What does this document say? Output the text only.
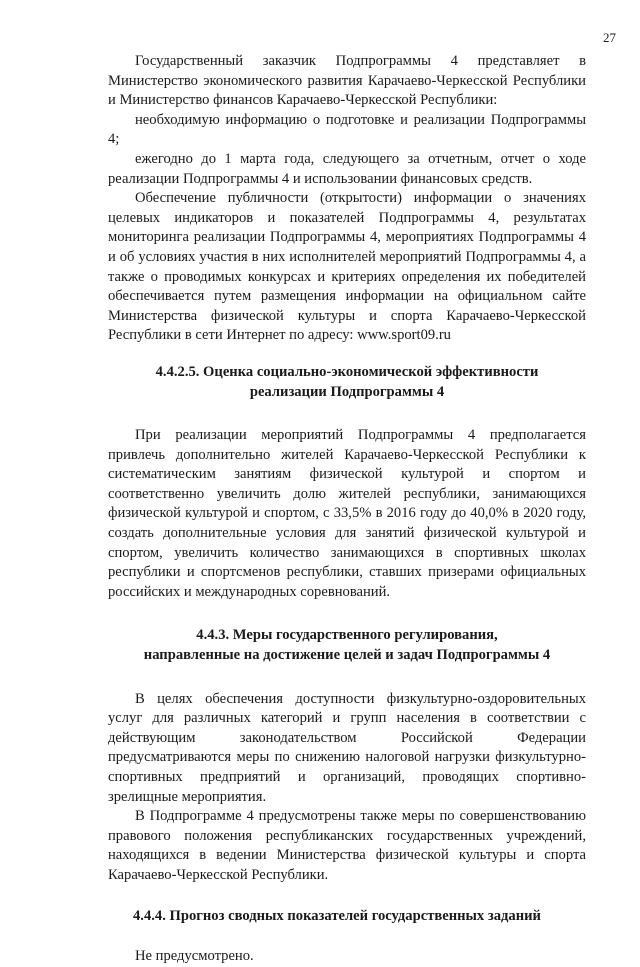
27

Государственный заказчик Подпрограммы 4 представляет в Министерство экономического развития Карачаево-Черкесской Республики и Министерство финансов Карачаево-Черкесской Республики:

необходимую информацию о подготовке и реализации Подпрограммы 4;

ежегодно до 1 марта года, следующего за отчетным, отчет о ходе реализации Подпрограммы 4 и использовании финансовых средств.

Обеспечение публичности (открытости) информации о значениях целевых индикаторов и показателей Подпрограммы 4, результатах мониторинга реализации Подпрограммы 4, мероприятиях Подпрограммы 4 и об условиях участия в них исполнителей мероприятий Подпрограммы 4, а также о проводимых конкурсах и критериях определения их победителей обеспечивается путем размещения информации на официальном сайте Министерства физической культуры и спорта Карачаево-Черкесской Республики в сети Интернет по адресу: www.sport09.ru

4.4.2.5. Оценка социально-экономической эффективности
реализации Подпрограммы 4

При реализации мероприятий Подпрограммы 4 предполагается привлечь дополнительно жителей Карачаево-Черкесской Республики к систематическим занятиям физической культурой и спортом и соответственно увеличить долю жителей республики, занимающихся физической культурой и спортом, с 33,5% в 2016 году до 40,0% в 2020 году, создать дополнительные условия для занятий физической культурой и спортом, увеличить количество занимающихся в спортивных школах республики и спортсменов республики, ставших призерами официальных российских и международных соревнований.

4.4.3. Меры государственного регулирования,
направленные на достижение целей и задач Подпрограммы 4

В целях обеспечения доступности физкультурно-оздоровительных услуг для различных категорий и групп населения в соответствии с действующим законодательством Российской Федерации предусматриваются меры по снижению налоговой нагрузки физкультурно-спортивных предприятий и организаций, проводящих спортивно-зрелищные мероприятия.

В Подпрограмме 4 предусмотрены также меры по совершенствованию правового положения республиканских государственных учреждений, находящихся в ведении Министерства физической культуры и спорта Карачаево-Черкесской Республики.

4.4.4. Прогноз сводных показателей государственных заданий

Не предусмотрено.
